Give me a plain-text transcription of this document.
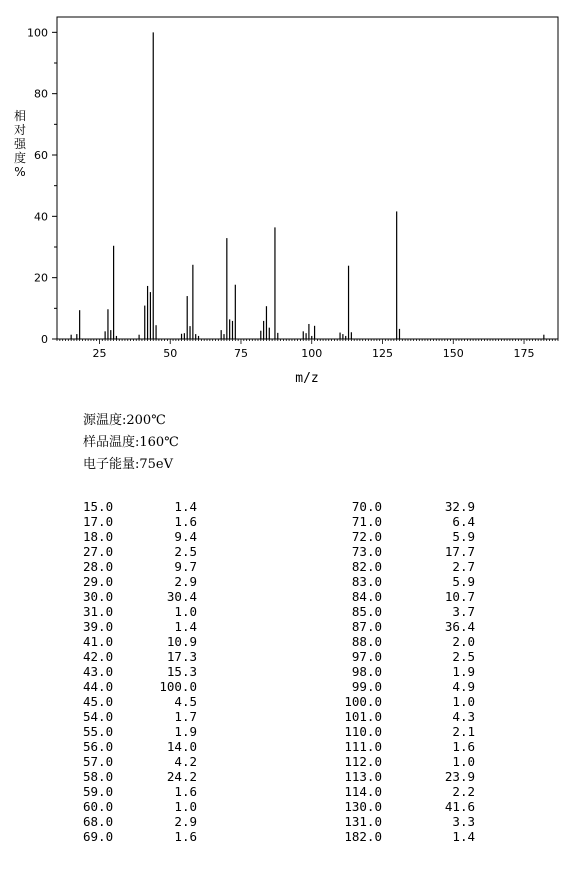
相
对
强
度
%
0
20
40
60
80
100
25	50	75	100	125	150	175
m/z
源温度:200℃
样品温度:160℃
电子能量:75eV
15.0	1.4
17.0	1.6
18.0	9.4
27.0	2.5
28.0	9.7
29.0	2.9
30.0	30.4
31.0	1.0
39.0	1.4
41.0	10.9
42.0	17.3
43.0	15.3
44.0	100.0
45.0	4.5
54.0	1.7
55.0	1.9
56.0	14.0
57.0	4.2
58.0	24.2
59.0	1.6
60.0	1.0
68.0	2.9
69.0	1.6
70.0	32.9
71.0	6.4
72.0	5.9
73.0	17.7
82.0	2.7
83.0	5.9
84.0	10.7
85.0	3.7
87.0	36.4
88.0	2.0
97.0	2.5
98.0	1.9
99.0	4.9
100.0	1.0
101.0	4.3
110.0	2.1
111.0	1.6
112.0	1.0
113.0	23.9
114.0	2.2
130.0	41.6
131.0	3.3
182.0	1.4
